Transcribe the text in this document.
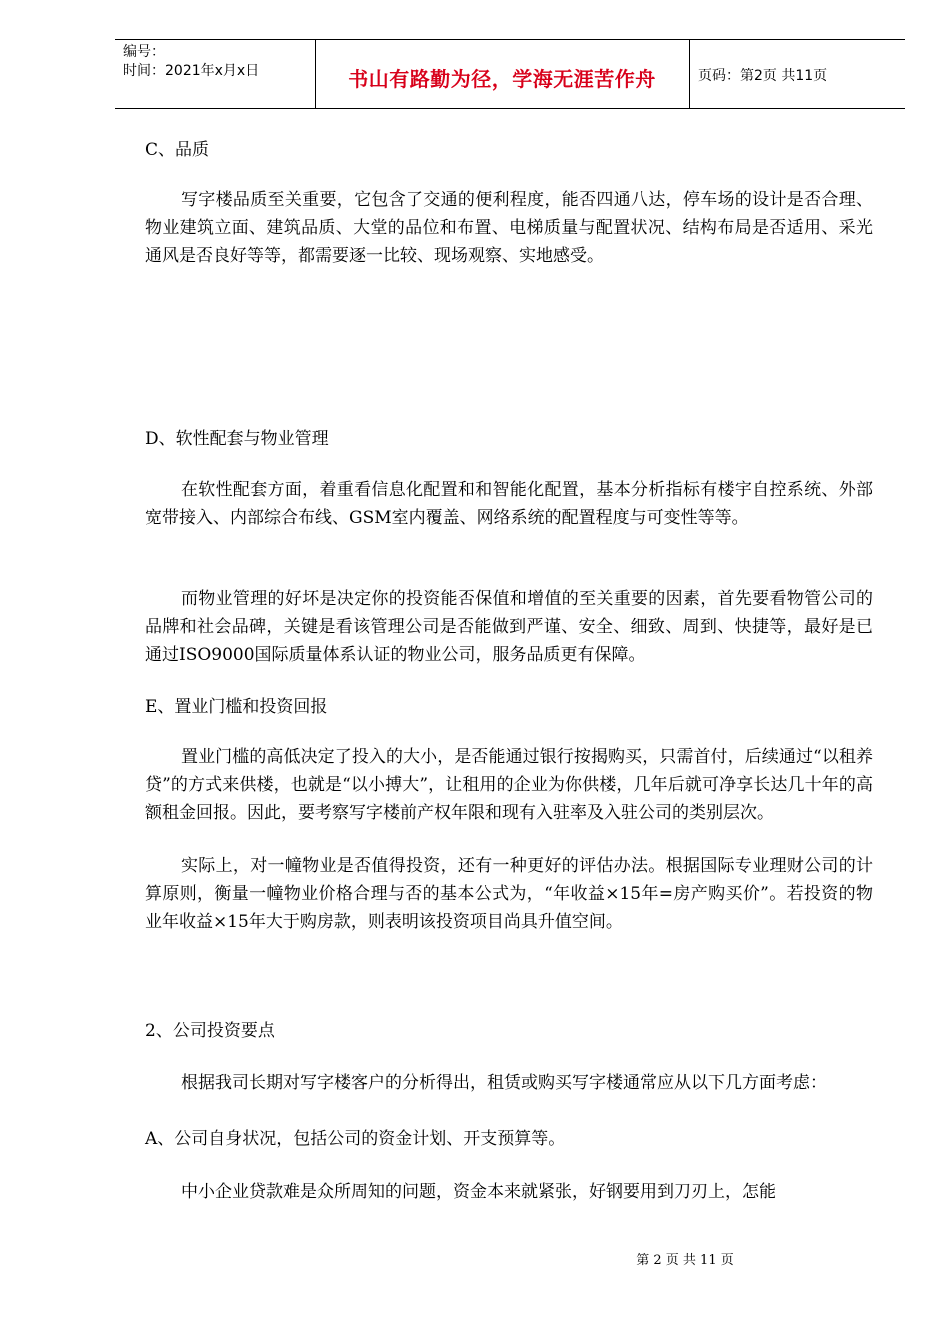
编号：
时间：2021年x月x日	书山有路勤为径，学海无涯苦作舟	页码：第2页 共11页

C、品质

写字楼品质至关重要，它包含了交通的便利程度，能否四通八达，停车场的设计是否合理、物业建筑立面、建筑品质、大堂的品位和布置、电梯质量与配置状况、结构布局是否适用、采光通风是否良好等等，都需要逐一比较、现场观察、实地感受。

D、软性配套与物业管理

在软性配套方面，着重看信息化配置和和智能化配置，基本分析指标有楼宇自控系统、外部宽带接入、内部综合布线、GSM室内覆盖、网络系统的配置程度与可变性等等。

而物业管理的好坏是决定你的投资能否保值和增值的至关重要的因素，首先要看物管公司的品牌和社会品碑，关键是看该管理公司是否能做到严谨、安全、细致、周到、快捷等，最好是已通过ISO9000国际质量体系认证的物业公司，服务品质更有保障。

E、置业门槛和投资回报

置业门槛的高低决定了投入的大小，是否能通过银行按揭购买，只需首付，后续通过“以租养贷”的方式来供楼，也就是“以小搏大”，让租用的企业为你供楼，几年后就可净享长达几十年的高额租金回报。因此，要考察写字楼前产权年限和现有入驻率及入驻公司的类别层次。

实际上，对一幢物业是否值得投资，还有一种更好的评估办法。根据国际专业理财公司的计算原则，衡量一幢物业价格合理与否的基本公式为，“年收益×15年=房产购买价”。若投资的物业年收益×15年大于购房款，则表明该投资项目尚具升值空间。

2、公司投资要点

根据我司长期对写字楼客户的分析得出，租赁或购买写字楼通常应从以下几方面考虑：

A、公司自身状况，包括公司的资金计划、开支预算等。

中小企业贷款难是众所周知的问题，资金本来就紧张，好钢要用到刀刃上，怎能

第 2 页 共 11 页
